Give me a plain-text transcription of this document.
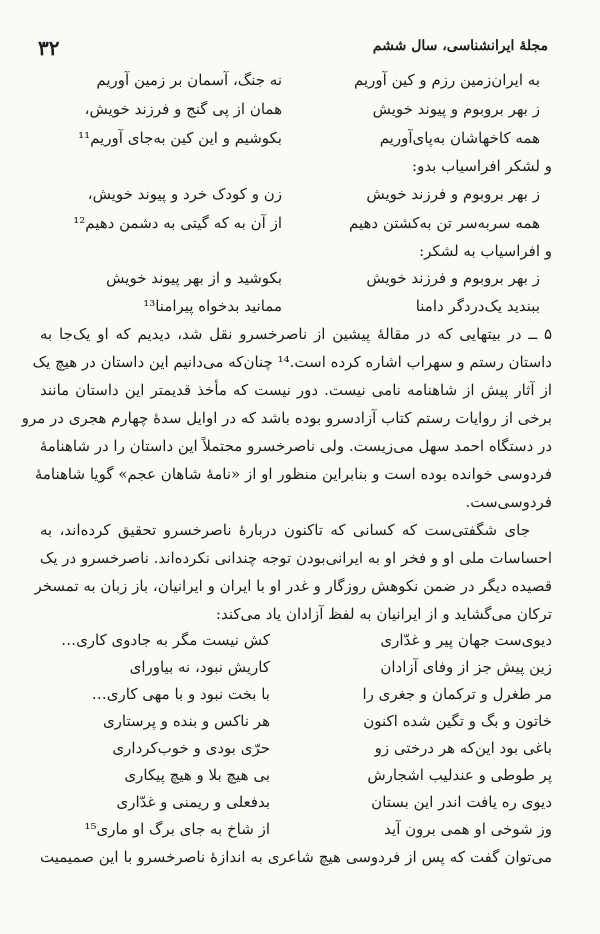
۳۲	مجلهٔ ایرانشناسی، سال ششم
به ایران‌زمین رزم و کین آوریم
نه جنگ، آسمان بر زمین آوریم
ز بهر بروبوم و پیوند خویش
همان از پی گنج و فرزند خویش،
همه کاخهاشان به‌پای‌آوریم
بکوشیم و این کین به‌جای آوریم¹¹
و لشکر افراسیاب بدو:
ز بهر بروبوم و فرزند خویش
زن و کودک خرد و پیوند خویش،
همه سربه‌سر تن به‌کشتن دهیم
از آن به که گیتی به دشمن دهیم¹²
و افراسیاب به لشکر:
ز بهر بروبوم و فرزند خویش
بکوشید و از بهر پیوند خویش
ببندید یک‌در‌دگر دامنا
ممانید بدخواه پیرامنا¹³
۵ ــ در بیتهایی که در مقالهٔ پیشین از ناصرخسرو نقل شد، دیدیم که او یک‌جا به
داستان رستم و سهراب اشاره کرده است.¹⁴ چنان‌که می‌دانیم این داستان در هیچ یک
از آثار پیش از شاهنامه نامی نیست. دور نیست که مأخذ قدیمتر این داستان مانند
برخی از روایات رستم کتاب آزادسرو بوده باشد که در اوایل سدهٔ چهارم هجری در مرو
در دستگاه احمد سهل می‌زیست. ولی ناصرخسرو محتملاً این داستان را در شاهنامهٔ
فردوسی خوانده بوده است و بنابراین منظور او از «نامهٔ شاهان عجم» گویا شاهنامهٔ
فردوسی‌ست.
جای شگفتی‌ست که کسانی که تاکنون دربارهٔ ناصرخسرو تحقیق کرده‌اند، به
احساسات ملی او و فخر او به ایرانی‌بودن توجه چندانی نکرده‌اند. ناصرخسرو در یک
قصیده دیگر در ضمن نکوهش روزگار و غدر او با ایران و ایرانیان، باز زبان به تمسخر
ترکان می‌گشاید و از ایرانیان به لفظ آزادان یاد می‌کند:
دیوی‌ست جهان پیر و غدّاری
کش نیست مگر به جادوی کاری…
زین پیش جز از وفای آزادان
کاریش نبود، نه بیاورای
مر طغرل و ترکمان و جغری را
با بخت نبود و با مهی کاری…
خاتون و بگ و تگین شده اکنون
هر ناکس و بنده و پرستاری
باغی بود این‌که هر درختی زو
حرّی بودی و خوب‌کرداری
پر طوطی و عندلیب اشجارش
بی هیچ بلا و هیچ پیکاری
دیوی ره یافت اندر این بستان
بدفعلی و ریمنی و غدّاری
وز شوخی او همی برون آید
از شاخ به جای برگ او ماری¹⁵
می‌توان گفت که پس از فردوسی هیچ شاعری به اندازهٔ ناصرخسرو با این صمیمیت
